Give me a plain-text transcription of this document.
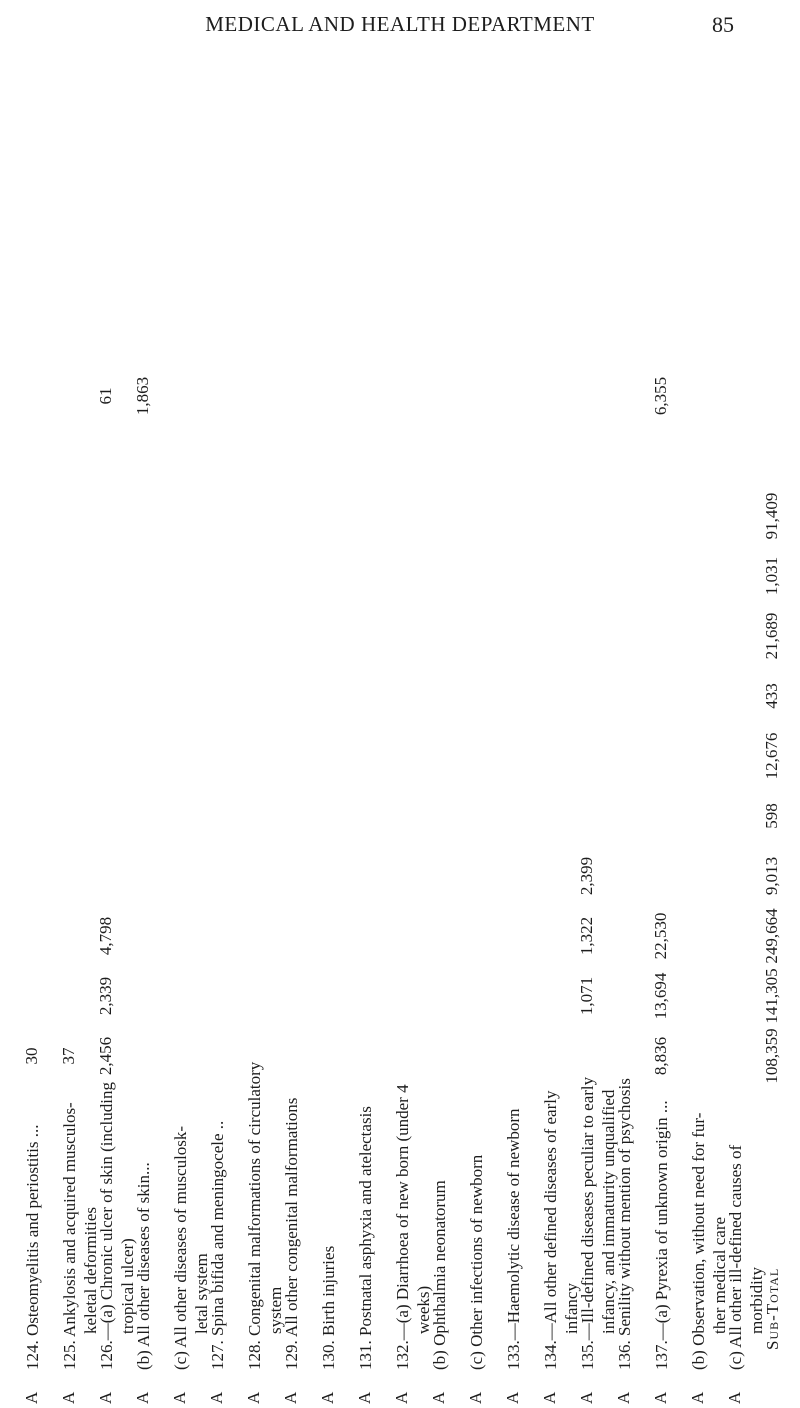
MEDICAL AND HEALTH DEPARTMENT	85
A
124. Osteomyelitis and periostitis ...
30
A
125. Ankylosis and acquired musculos- keletal deformities
37
A
126.—(a) Chronic ulcer of skin (including tropical ulcer)
2,456
2,339
4,798
61
A
(b) All other diseases of skin...
1,863
A
(c) All other diseases of musculosk- letal system
A
127. Spina bifida and meningocele ..
A
128. Congenital malformations of circulatory system
A
129. All other congenital malformations
A
130. Birth injuries
A
131. Postnatal asphyxia and atelectasis
A
132.—(a) Diarrhoea of new born (under 4 weeks)
A
(b) Ophthalmia neonatorum
A
(c) Other infections of newborn
A
133.—Haemolytic disease of newborn
A
134.—All other defined diseases of early infancy
A
135.—Ill-defined diseases peculiar to early infancy, and immaturity unqualified
1,071
1,322
2,399
A
136. Senility without mention of psychosis
A
137.—(a) Pyrexia of unknown origin ...
8,836
13,694
22,530
6,355
A
(b) Observation, without need for fur- ther medical care
A
(c) All other ill-defined causes of morbidity
Sub-Total
108,359
141,305
249,664
9,013
598
12,676
433
21,689
1,031
91,409
